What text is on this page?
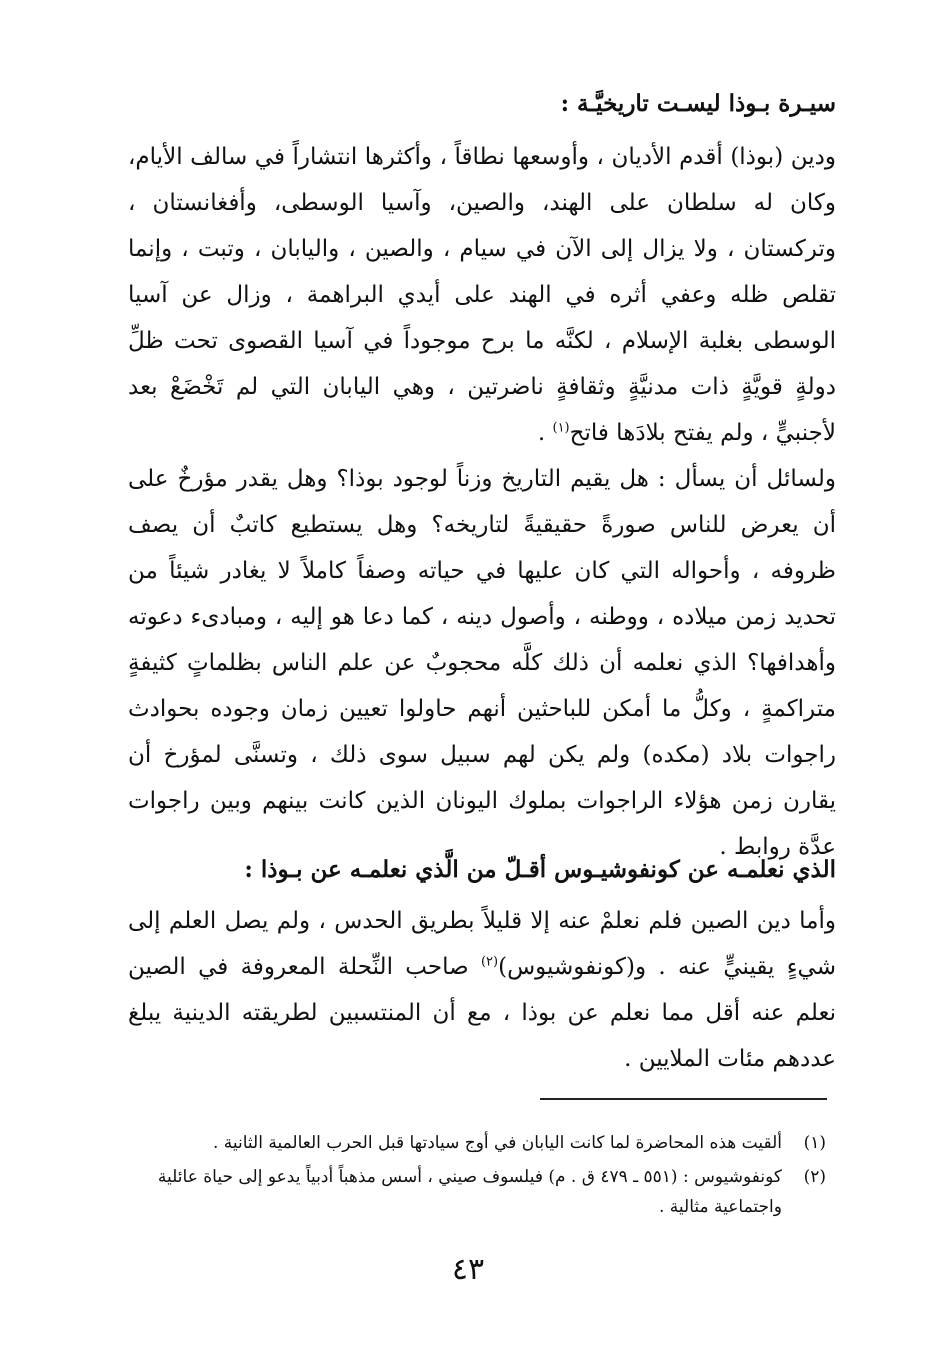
سيـرة بـوذا ليسـت تاريخيَّـة :

ودين (بوذا) أقدم الأديان ، وأوسعها نطاقاً ، وأكثرها انتشاراً في سالف الأيام، وكان له سلطان على الهند، والصين، وآسيا الوسطى، وأفغانستان ، وتركستان ، ولا يزال إلى الآن في سيام ، والصين ، واليابان ، وتبت ، وإنما تقلص ظله وعفي أثره في الهند على أيدي البراهمة ، وزال عن آسيا الوسطى بغلبة الإسلام ، لكنَّه ما برح موجوداً في آسيا القصوى تحت ظلِّ دولةٍ قويَّةٍ ذات مدنيَّةٍ وثقافةٍ ناضرتين ، وهي اليابان التي لم تَخْضَعْ بعد لأجنبيٍّ ، ولم يفتح بلادَها فاتح$^{(١)}$ .

ولسائل أن يسأل : هل يقيم التاريخ وزناً لوجود بوذا؟ وهل يقدر مؤرخٌ على أن يعرض للناس صورةً حقيقيةً لتاريخه؟ وهل يستطيع كاتبٌ أن يصف ظروفه ، وأحواله التي كان عليها في حياته وصفاً كاملاً لا يغادر شيئاً من تحديد زمن ميلاده ، ووطنه ، وأصول دينه ، كما دعا هو إليه ، ومبادىء دعوته وأهدافها؟ الذي نعلمه أن ذلك كلَّه محجوبٌ عن علم الناس بظلماتٍ كثيفةٍ متراكمةٍ ، وكلُّ ما أمكن للباحثين أنهم حاولوا تعيين زمان وجوده بحوادث راجوات بلاد (مكده) ولم يكن لهم سبيل سوى ذلك ، وتسنَّى لمؤرخ أن يقارن زمن هؤلاء الراجوات بملوك اليونان الذين كانت بينهم وبين راجوات عدَّة روابط .

الذي نعلمـه عن كونفوشيـوس أقـلّ من الَّذي نعلمـه عن بـوذا :

وأما دين الصين فلم نعلمْ عنه إلا قليلاً بطريق الحدس ، ولم يصل العلم إلى شيءٍ يقينيٍّ عنه . و(كونفوشيوس)$^{(٢)}$ صاحب النِّحلة المعروفة في الصين نعلم عنه أقل مما نعلم عن بوذا ، مع أن المنتسبين لطريقته الدينية يبلغ عددهم مئات الملايين .

(١)
ألقيت هذه المحاضرة لما كانت اليابان في أوج سيادتها قبل الحرب العالمية الثانية .
(٢)
كونفوشيوس : (٥٥١ ـ ٤٧٩ ق . م) فيلسوف صيني ، أسس مذهباً أدبياً يدعو إلى حياة عائلية واجتماعية مثالية .
٤٣
